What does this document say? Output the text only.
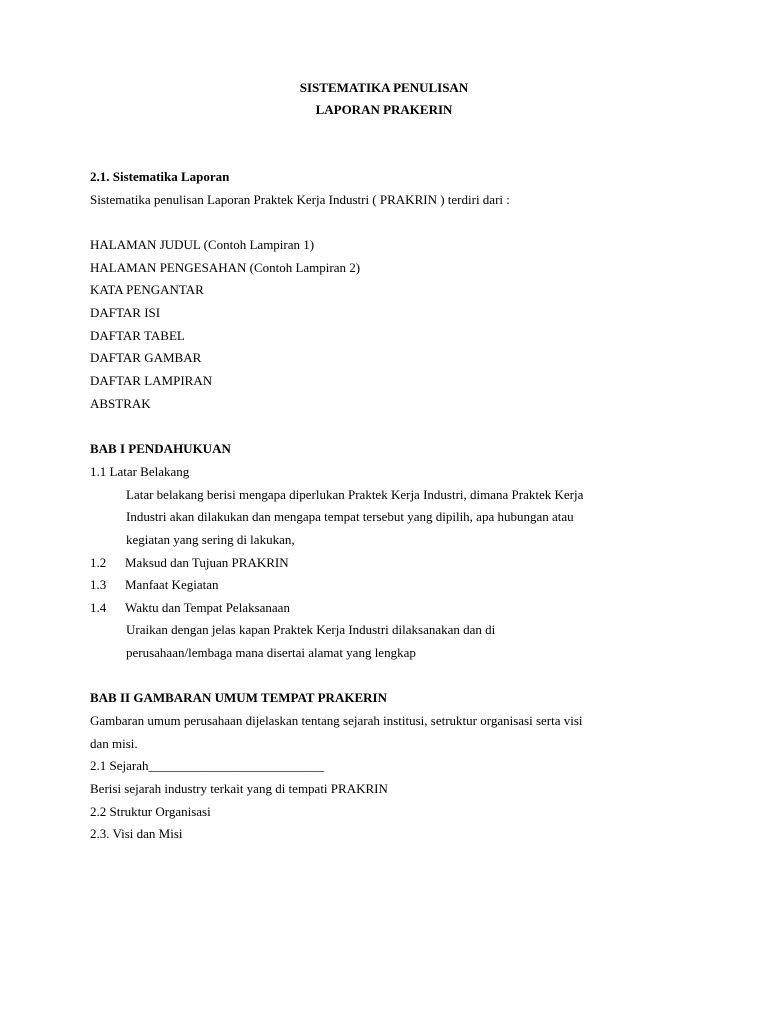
SISTEMATIKA PENULISAN
LAPORAN PRAKERIN
2.1. Sistematika Laporan
Sistematika penulisan Laporan Praktek Kerja Industri ( PRAKRIN ) terdiri dari :
HALAMAN JUDUL (Contoh Lampiran 1)
HALAMAN PENGESAHAN (Contoh Lampiran 2)
KATA PENGANTAR
DAFTAR ISI
DAFTAR TABEL
DAFTAR GAMBAR
DAFTAR LAMPIRAN
ABSTRAK
BAB I PENDAHUKUAN
1.1 Latar Belakang
Latar belakang berisi mengapa diperlukan Praktek Kerja Industri, dimana Praktek Kerja
Industri akan dilakukan dan mengapa tempat tersebut yang dipilih, apa hubungan atau
kegiatan yang sering di lakukan,
1.2 Maksud dan Tujuan PRAKRIN
1.3 Manfaat Kegiatan
1.4 Waktu dan Tempat Pelaksanaan
Uraikan dengan jelas kapan Praktek Kerja Industri dilaksanakan dan di
perusahaan/lembaga mana disertai alamat yang lengkap
BAB II GAMBARAN UMUM TEMPAT PRAKERIN
Gambaran umum perusahaan dijelaskan tentang sejarah institusi, setruktur organisasi serta visi
dan misi.
2.1 Sejarah___________________________
Berisi sejarah industry terkait yang di tempati PRAKRIN
2.2 Struktur Organisasi
2.3. Visi dan Misi
